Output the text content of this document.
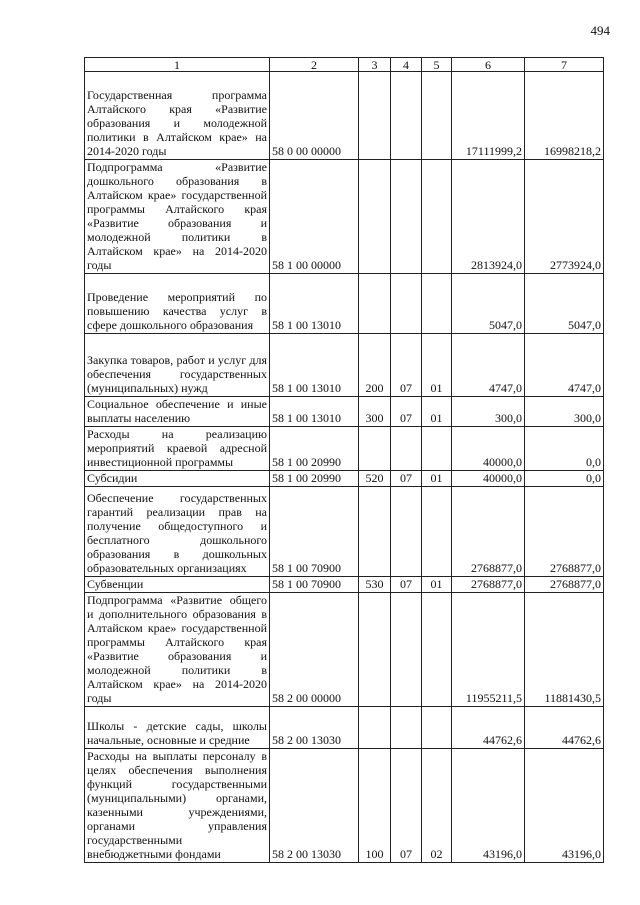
494
1	2	3	4	5	6	7
Государственная программа Алтайского края «Развитие образования и молодежной политики в Алтайском крае» на 2014-2020 годы	58 0 00 00000				17111999,2	16998218,2
Подпрограмма «Развитие дошкольного образования в Алтайском крае» государственной программы Алтайского края «Развитие образования и молодежной политики в Алтайском крае» на 2014-2020 годы	58 1 00 00000				2813924,0	2773924,0
Проведение мероприятий по повышению качества услуг в сфере дошкольного образования	58 1 00 13010				5047,0	5047,0
Закупка товаров, работ и услуг для обеспечения государственных (муниципальных) нужд	58 1 00 13010	200	07	01	4747,0	4747,0
Социальное обеспечение и иные выплаты населению	58 1 00 13010	300	07	01	300,0	300,0
Расходы на реализацию мероприятий краевой адресной инвестиционной программы	58 1 00 20990				40000,0	0,0
Субсидии	58 1 00 20990	520	07	01	40000,0	0,0
Обеспечение государственных гарантий реализации прав на получение общедоступного и бесплатного дошкольного образования в дошкольных образовательных организациях	58 1 00 70900				2768877,0	2768877,0
Субвенции	58 1 00 70900	530	07	01	2768877,0	2768877,0
Подпрограмма «Развитие общего и дополнительного образования в Алтайском крае» государственной программы Алтайского края «Развитие образования и молодежной политики в Алтайском крае» на 2014-2020 годы	58 2 00 00000				11955211,5	11881430,5
Школы - детские сады, школы начальные, основные и средние	58 2 00 13030				44762,6	44762,6
Расходы на выплаты персоналу в целях обеспечения выполнения функций государственными (муниципальными) органами, казенными учреждениями, органами управления государственными внебюджетными фондами	58 2 00 13030	100	07	02	43196,0	43196,0
